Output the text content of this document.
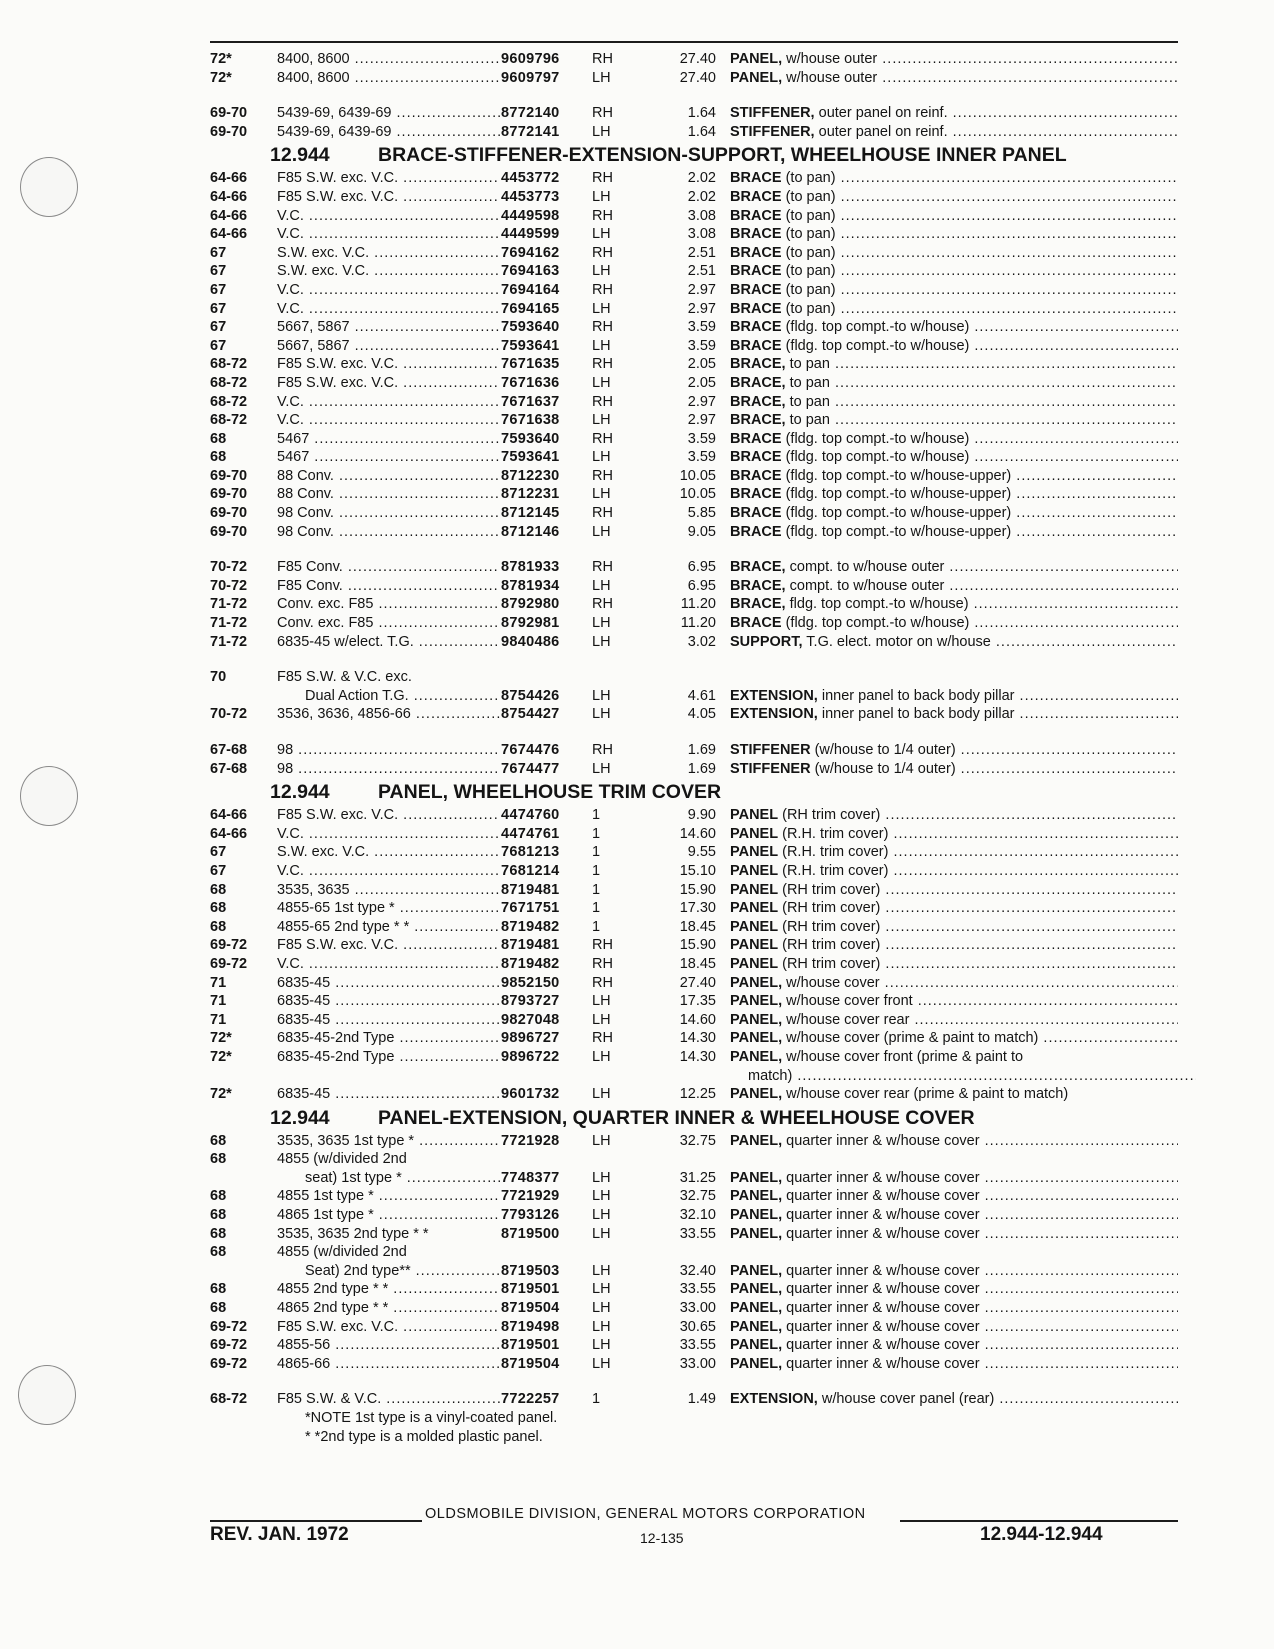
72*	8400, 8600 .....	9609796 RH	27.40 PANEL, w/house outer .....
72*	8400, 8600 .....	9609797 LH	27.40 PANEL, w/house outer .....
69-70 5439-69, 6439-69 .....	8772140 RH	1.64 STIFFENER, outer panel on reinf. .....
69-70 5439-69, 6439-69 .....	8772141 LH	1.64 STIFFENER, outer panel on reinf. .....
12.944 BRACE-STIFFENER-EXTENSION-SUPPORT, WHEELHOUSE INNER PANEL
64-66 F85 S.W. exc. V.C. .....	4453772 RH	2.02 BRACE (to pan) .....
64-66 F85 S.W. exc. V.C. .....	4453773 LH	2.02 BRACE (to pan) .....
64-66 V.C. .....	4449598 RH	3.08 BRACE (to pan) .....
64-66 V.C. .....	4449599 LH	3.08 BRACE (to pan) .....
67	S.W. exc. V.C. .....	7694162 RH	2.51 BRACE (to pan) .....
67	S.W. exc. V.C. .....	7694163 LH	2.51 BRACE (to pan) .....
67	V.C. .....	7694164 RH	2.97 BRACE (to pan) .....
67	V.C. .....	7694165 LH	2.97 BRACE (to pan) .....
67	5667, 5867 .....	7593640 RH	3.59 BRACE (fldg. top compt.-to w/house) .....
67	5667, 5867 .....	7593641 LH	3.59 BRACE (fldg. top compt.-to w/house) .....
68-72 F85 S.W. exc. V.C. .....	7671635 RH	2.05 BRACE, to pan .....
68-72 F85 S.W. exc. V.C. .....	7671636 LH	2.05 BRACE, to pan .....
68-72 V.C. .....	7671637 RH	2.97 BRACE, to pan .....
68-72 V.C. .....	7671638 LH	2.97 BRACE, to pan .....
68	5467 .....	7593640 RH	3.59 BRACE (fldg. top compt.-to w/house) .....
68	5467 .....	7593641 LH	3.59 BRACE (fldg. top compt.-to w/house) .....
69-70 88 Conv. .....	8712230 RH	10.05 BRACE (fldg. top compt.-to w/house-upper) .....
69-70 88 Conv. .....	8712231 LH	10.05 BRACE (fldg. top compt.-to w/house-upper) .....
69-70 98 Conv. .....	8712145 RH	5.85 BRACE (fldg. top compt.-to w/house-upper) .....
69-70 98 Conv. .....	8712146 LH	9.05 BRACE (fldg. top compt.-to w/house-upper) .....
70-72 F85 Conv. .....	8781933 RH	6.95 BRACE, compt. to w/house outer .....
70-72 F85 Conv. .....	8781934 LH	6.95 BRACE, compt. to w/house outer .....
71-72 Conv. exc. F85 .....	8792980 RH	11.20 BRACE, fldg. top compt.-to w/house) .....
71-72 Conv. exc. F85 .....	8792981 LH	11.20 BRACE (fldg. top compt.-to w/house) .....
71-72 6835-45 w/elect. T.G. .....	9840486 LH	3.02 SUPPORT, T.G. elect. motor on w/house .....
70	F85 S.W. & V.C. exc.
Dual Action T.G. .....	8754426 LH	4.61 EXTENSION, inner panel to back body pillar .....
70-72 3536, 3636, 4856-66 .....	8754427 LH	4.05 EXTENSION, inner panel to back body pillar .....
67-68 98 .....	7674476 RH	1.69 STIFFENER (w/house to 1/4 outer) .....
67-68 98 .....	7674477 LH	1.69 STIFFENER (w/house to 1/4 outer) .....
12.944 PANEL, WHEELHOUSE TRIM COVER
64-66 F85 S.W. exc. V.C. .....	4474760 1	9.90 PANEL (RH trim cover) .....
64-66 V.C. .....	4474761 1	14.60 PANEL (R.H. trim cover) .....
67	S.W. exc. V.C. .....	7681213 1	9.55 PANEL (R.H. trim cover) .....
67	V.C. .....	7681214 1	15.10 PANEL (R.H. trim cover) .....
68	3535, 3635 .....	8719481 1	15.90 PANEL (RH trim cover) .....
68	4855-65 1st type * .....	7671751 1	17.30 PANEL (RH trim cover) .....
68	4855-65 2nd type * * .....	8719482 1	18.45 PANEL (RH trim cover) .....
69-72 F85 S.W. exc. V.C. .....	8719481 RH	15.90 PANEL (RH trim cover) .....
69-72 V.C. .....	8719482 RH	18.45 PANEL (RH trim cover) .....
71	6835-45 .....	9852150 RH	27.40 PANEL, w/house cover .....
71	6835-45 .....	8793727 LH	17.35 PANEL, w/house cover front .....
71	6835-45 .....	9827048 LH	14.60 PANEL, w/house cover rear .....
72*	6835-45-2nd Type .....	9896727 RH	14.30 PANEL, w/house cover (prime & paint to match) .....
72*	6835-45-2nd Type .....	9896722 LH	14.30 PANEL, w/house cover front (prime & paint to
match) .....
72*	6835-45 .....	9601732 LH	12.25 PANEL, w/house cover rear (prime & paint to match)
12.944 PANEL-EXTENSION, QUARTER INNER & WHEELHOUSE COVER
68	3535, 3635 1st type * .....	7721928 LH	32.75 PANEL, quarter inner & w/house cover .....
68	4855 (w/divided 2nd
seat) 1st type * .....	7748377 LH	31.25 PANEL, quarter inner & w/house cover .....
68	4855 1st type * .....	7721929 LH	32.75 PANEL, quarter inner & w/house cover .....
68	4865 1st type * .....	7793126 LH	32.10 PANEL, quarter inner & w/house cover .....
68	3535, 3635 2nd type * *	8719500 LH	33.55 PANEL, quarter inner & w/house cover .....
68	4855 (w/divided 2nd
Seat) 2nd type** .....	8719503 LH	32.40 PANEL, quarter inner & w/house cover .....
68	4855 2nd type * * .....	8719501 LH	33.55 PANEL, quarter inner & w/house cover .....
68	4865 2nd type * * .....	8719504 LH	33.00 PANEL, quarter inner & w/house cover .....
69-72 F85 S.W. exc. V.C. .....	8719498 LH	30.65 PANEL, quarter inner & w/house cover .....
69-72 4855-56 .....	8719501 LH	33.55 PANEL, quarter inner & w/house cover .....
69-72 4865-66 .....	8719504 LH	33.00 PANEL, quarter inner & w/house cover .....
68-72 F85 S.W. & V.C. .....	7722257 1	1.49 EXTENSION, w/house cover panel (rear) .....
*NOTE 1st type is a vinyl-coated panel.
* *2nd type is a molded plastic panel.
OLDSMOBILE DIVISION, GENERAL MOTORS CORPORATION
REV. JAN. 1972	12-135	12.944-12.944
